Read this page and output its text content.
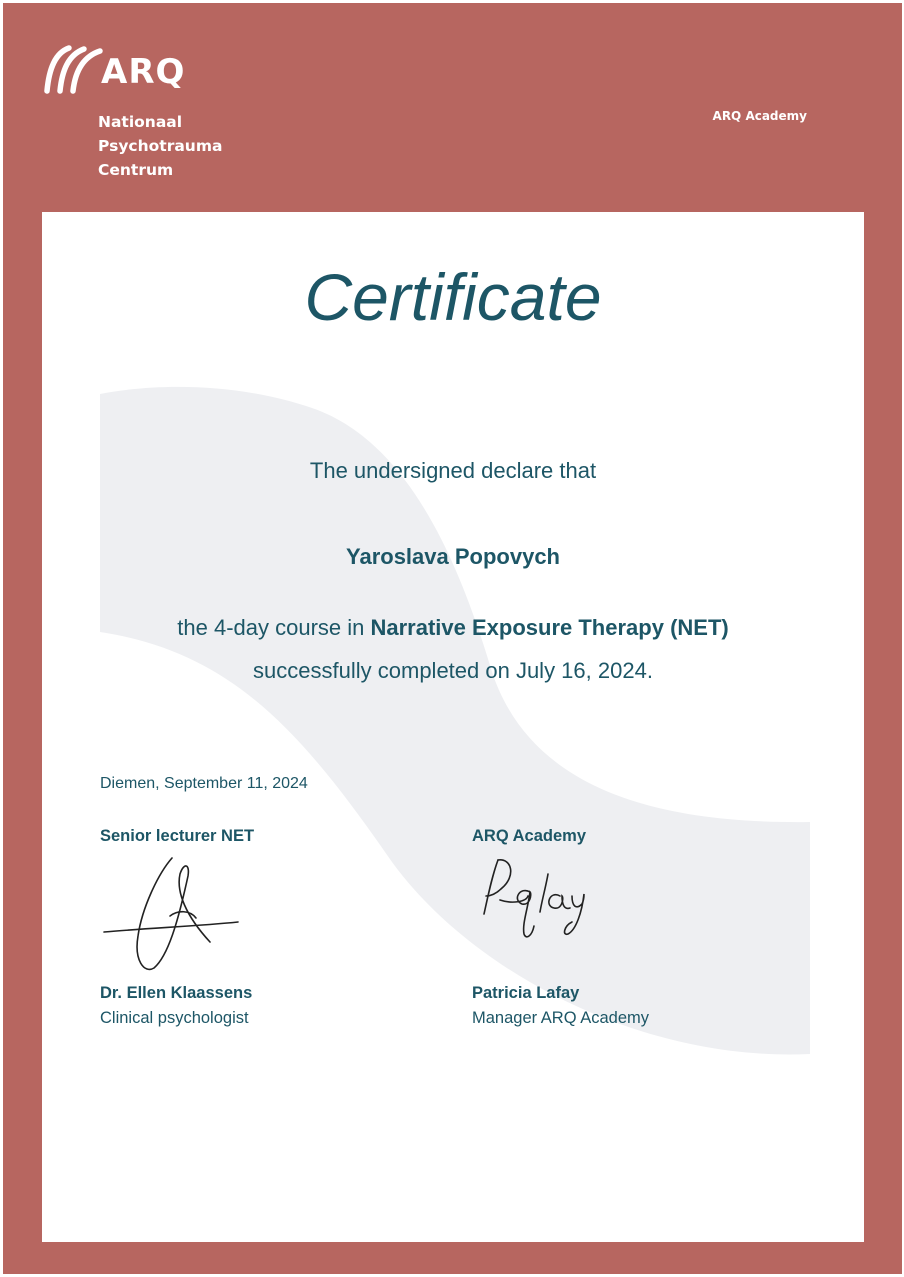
ARQ
Nationaal
Psychotrauma
Centrum
ARQ Academy
Certificate
The undersigned declare that
Yaroslava Popovych
the 4-day course in Narrative Exposure Therapy (NET)
successfully completed on July 16, 2024.
Diemen, September 11, 2024
Senior lecturer NET
Dr. Ellen Klaassens
Clinical psychologist
ARQ Academy
Patricia Lafay
Manager ARQ Academy
